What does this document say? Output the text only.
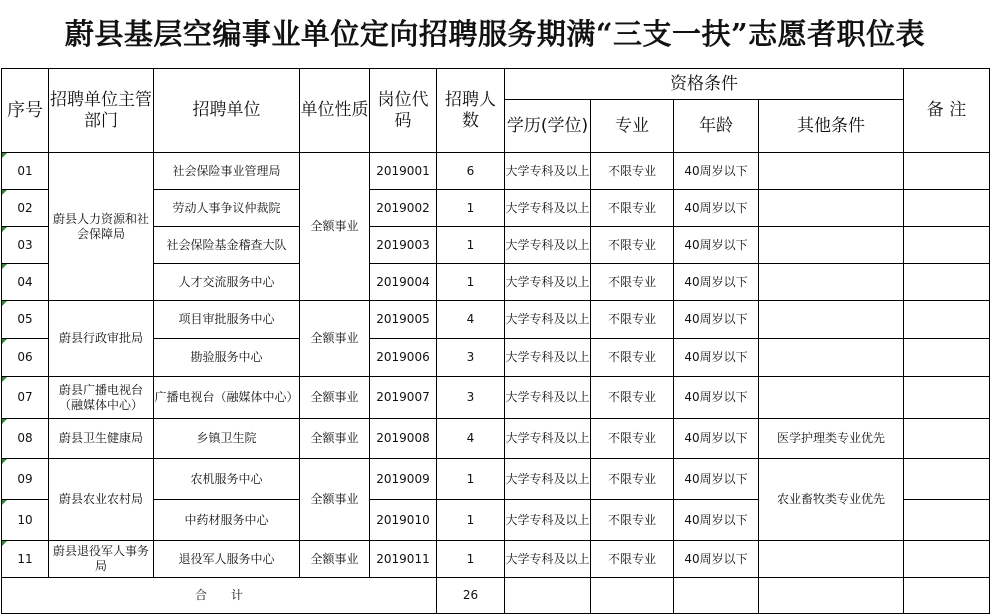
蔚县基层空编事业单位定向招聘服务期满“三支一扶”志愿者职位表
序号	招聘单位主管部门	招聘单位	单位性质	岗位代码	招聘人数	资格条件				备 注
						学历(学位)	专业	年龄	其他条件	
01	蔚县人力资源和社会保障局	社会保险事业管理局	全额事业	2019001	6	大学专科及以上	不限专业	40周岁以下		
02		劳动人事争议仲裁院		2019002	1	大学专科及以上	不限专业	40周岁以下		
03		社会保险基金稽查大队		2019003	1	大学专科及以上	不限专业	40周岁以下		
04		人才交流服务中心		2019004	1	大学专科及以上	不限专业	40周岁以下		
05	蔚县行政审批局	项目审批服务中心	全额事业	2019005	4	大学专科及以上	不限专业	40周岁以下		
06		勘验服务中心		2019006	3	大学专科及以上	不限专业	40周岁以下		
07	蔚县广播电视台（融媒体中心）	广播电视台（融媒体中心）	全额事业	2019007	3	大学专科及以上	不限专业	40周岁以下		
08	蔚县卫生健康局	乡镇卫生院	全额事业	2019008	4	大学专科及以上	不限专业	40周岁以下	医学护理类专业优先	
09	蔚县农业农村局	农机服务中心	全额事业	2019009	1	大学专科及以上	不限专业	40周岁以下	农业畜牧类专业优先	
10		中药材服务中心		2019010	1	大学专科及以上	不限专业	40周岁以下		
11	蔚县退役军人事务局	退役军人服务中心	全额事业	2019011	1	大学专科及以上	不限专业	40周岁以下		
合　　计					26					
